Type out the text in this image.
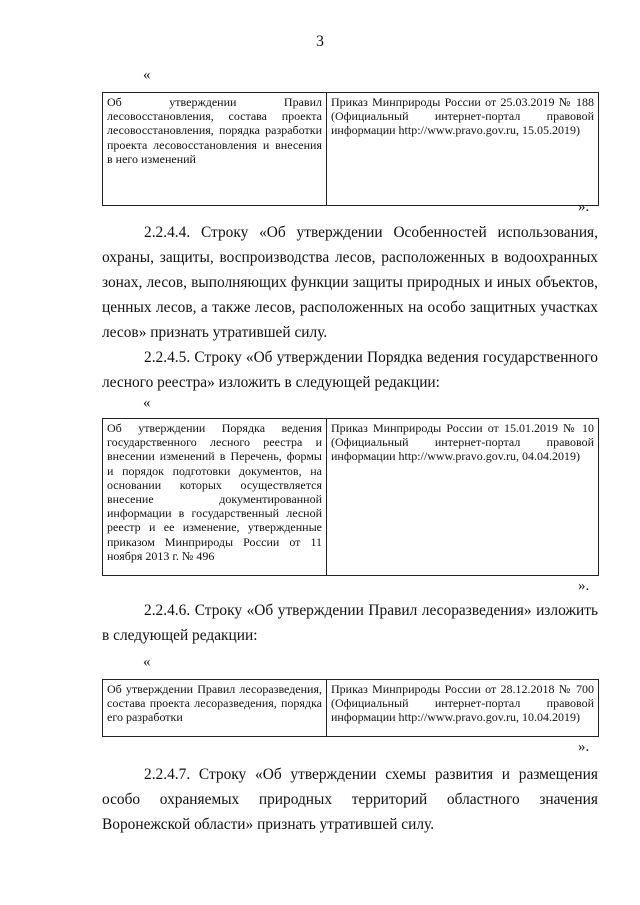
3
«
Об утверждении Правил лесовосстановления, состава проекта лесовосстановления, порядка разработки проекта лесовосстановления и внесения в него изменений	Приказ Минприроды России от 25.03.2019 № 188 (Официальный интернет-портал правовой информации http://www.pravo.gov.ru, 15.05.2019)
».
2.2.4.4. Строку «Об утверждении Особенностей использования, охраны, защиты, воспроизводства лесов, расположенных в водоохранных зонах, лесов, выполняющих функции защиты природных и иных объектов, ценных лесов, а также лесов, расположенных на особо защитных участках лесов» признать утратившей силу.
2.2.4.5. Строку «Об утверждении Порядка ведения государственного лесного реестра» изложить в следующей редакции:
«
Об утверждении Порядка ведения государственного лесного реестра и внесении изменений в Перечень, формы и порядок подготовки документов, на основании которых осуществляется внесение документированной информации в государственный лесной реестр и ее изменение, утвержденные приказом Минприроды России от 11 ноября 2013 г. № 496	Приказ Минприроды России от 15.01.2019 № 10 (Официальный интернет-портал правовой информации http://www.pravo.gov.ru, 04.04.2019)
».
2.2.4.6. Строку «Об утверждении Правил лесоразведения» изложить в следующей редакции:
«
Об утверждении Правил лесоразведения, состава проекта лесоразведения, порядка его разработки	Приказ Минприроды России от 28.12.2018 № 700 (Официальный интернет-портал правовой информации http://www.pravo.gov.ru, 10.04.2019)
».
2.2.4.7. Строку «Об утверждении схемы развития и размещения особо охраняемых природных территорий областного значения Воронежской области» признать утратившей силу.
